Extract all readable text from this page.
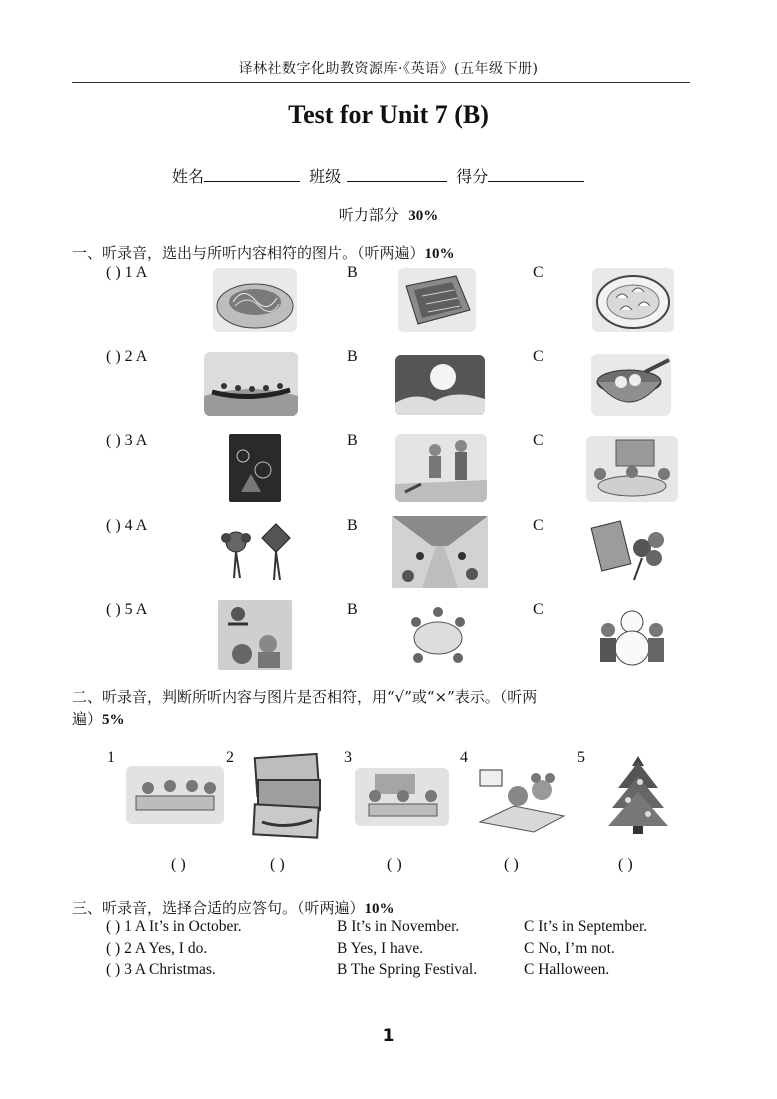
译林社数字化助教资源库·《英语》(五年级下册)
Test for Unit 7 (B)
姓名	班级	得分
听力部分 30%
一、听录音，选出与所听内容相符的图片。（听两遍）10%
( ) 1 A	B	C
( ) 2 A	B	C
( ) 3 A	B	C
( ) 4 A	B	C
( ) 5 A	B	C
二、听录音，判断所听内容与图片是否相符，用“√”或“×”表示。（听两
遍）5%
1	2	3	4	5
( )	( )	( )	( )	( )
三、听录音，选择合适的应答句。（听两遍）10%
( ) 1 A It’s in October.	B It’s in November.	C It’s in September.
( ) 2 A Yes, I do.	B Yes, I have.	C No, I’m not.
( ) 3 A Christmas.	B The Spring Festival.	C Halloween.
1
